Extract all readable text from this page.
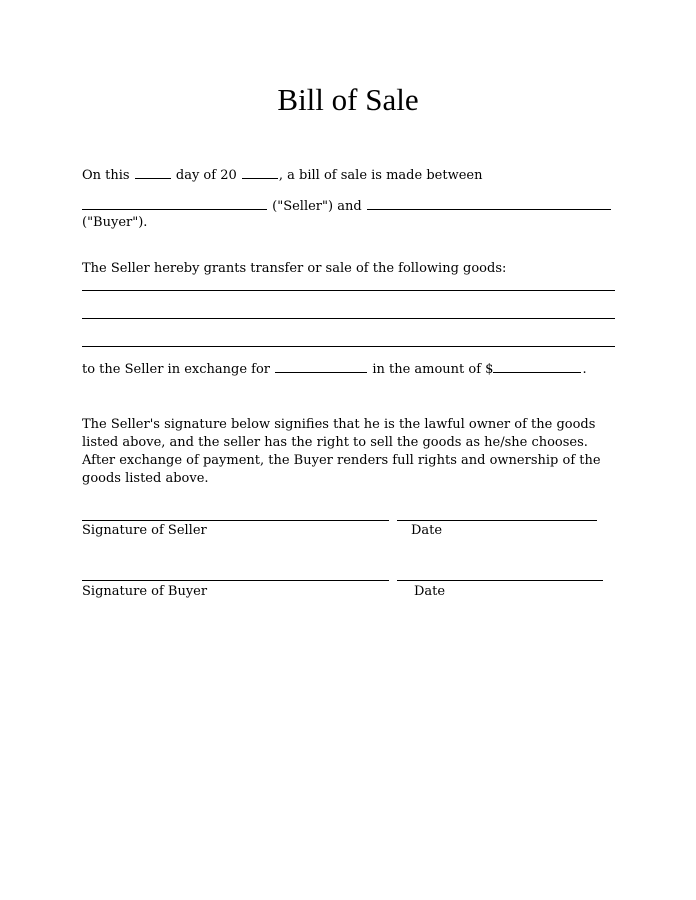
Bill of Sale
On this	day of 20	, a bill of sale is made between
("Seller") and
("Buyer").
The Seller hereby grants transfer or sale of the following goods:
to the Seller in exchange for	in the amount of $	.
The Seller's signature below signifies that he is the lawful owner of the goods listed above, and the seller has the right to sell the goods as he/she chooses. After exchange of payment, the Buyer renders full rights and ownership of the goods listed above.
Signature of Seller	Date
Signature of Buyer	Date
